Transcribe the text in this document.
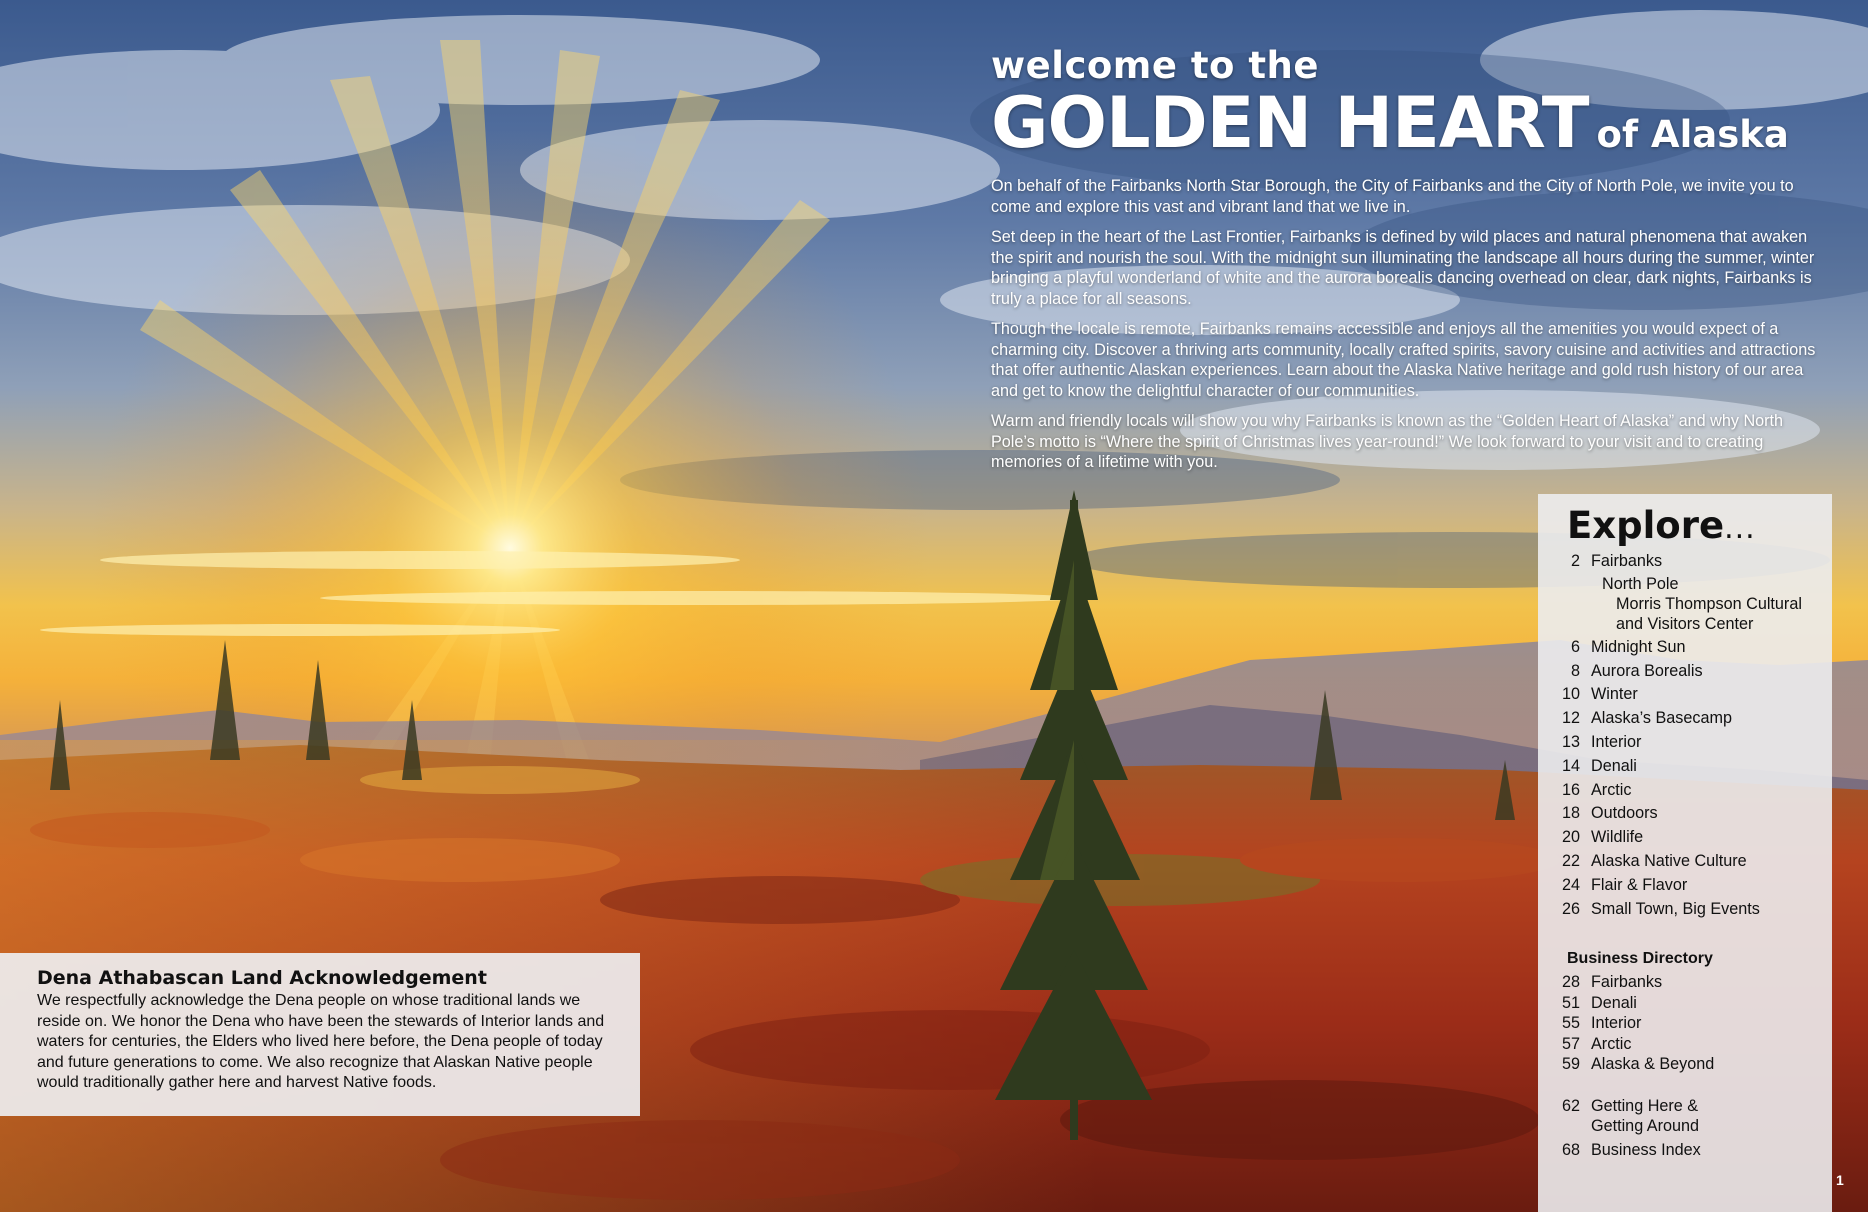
welcome to the
GOLDEN HEART of Alaska

On behalf of the Fairbanks North Star Borough, the City of Fairbanks and the City of North Pole, we invite you to come and explore this vast and vibrant land that we live in.

Set deep in the heart of the Last Frontier, Fairbanks is defined by wild places and natural phenomena that awaken the spirit and nourish the soul. With the midnight sun illuminating the landscape all hours during the summer, winter bringing a playful wonderland of white and the aurora borealis dancing overhead on clear, dark nights, Fairbanks is truly a place for all seasons.

Though the locale is remote, Fairbanks remains accessible and enjoys all the amenities you would expect of a charming city. Discover a thriving arts community, locally crafted spirits, savory cuisine and activities and attractions that offer authentic Alaskan experiences. Learn about the Alaska Native heritage and gold rush history of our area and get to know the delightful character of our communities.

Warm and friendly locals will show you why Fairbanks is known as the “Golden Heart of Alaska” and why North Pole’s motto is “Where the spirit of Christmas lives year-round!” We look forward to your visit and to creating memories of a lifetime with you.

Explore...
2 Fairbanks
North Pole
Morris Thompson Cultural
and Visitors Center
6 Midnight Sun
8 Aurora Borealis
10 Winter
12 Alaska’s Basecamp
13 Interior
14 Denali
16 Arctic
18 Outdoors
20 Wildlife
22 Alaska Native Culture
24 Flair & Flavor
26 Small Town, Big Events
Business Directory
28 Fairbanks
51 Denali
55 Interior
57 Arctic
59 Alaska & Beyond
62 Getting Here &
Getting Around
68 Business Index
Dena Athabascan Land Acknowledgement

We respectfully acknowledge the Dena people on whose traditional lands we reside on. We honor the Dena who have been the stewards of Interior lands and waters for centuries, the Elders who lived here before, the Dena people of today and future generations to come. We also recognize that Alaskan Native people would traditionally gather here and harvest Native foods.

1
